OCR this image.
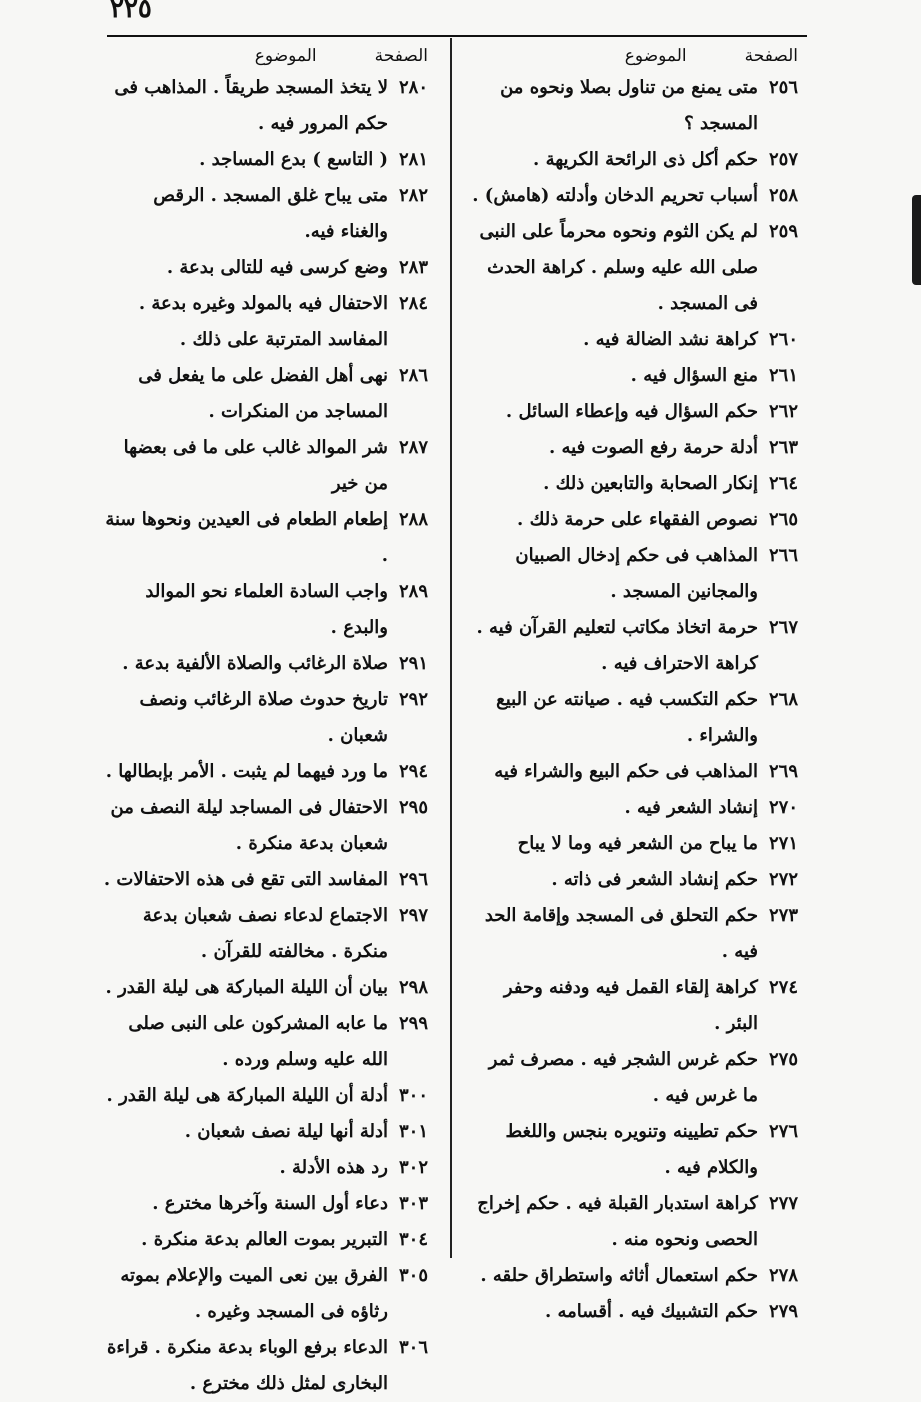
٢٢٥
الصفحة
الموضوع
٢٥٦
متى يمنع من تناول بصلا ونحوه من المسجد ؟
٢٥٧
حكم أكل ذى الرائحة الكريهة .
٢٥٨
أسباب تحريم الدخان وأدلته (هامش) .
٢٥٩
لم يكن الثوم ونحوه محرماً على النبى صلى الله عليه وسلم . كراهة الحدث فى المسجد .
٢٦٠
كراهة نشد الضالة فيه .
٢٦١
منع السؤال فيه .
٢٦٢
حكم السؤال فيه وإعطاء السائل .
٢٦٣
أدلة حرمة رفع الصوت فيه .
٢٦٤
إنكار الصحابة والتابعين ذلك .
٢٦٥
نصوص الفقهاء على حرمة ذلك .
٢٦٦
المذاهب فى حكم إدخال الصبيان والمجانين المسجد .
٢٦٧
حرمة اتخاذ مكاتب لتعليم القرآن فيه . كراهة الاحتراف فيه .
٢٦٨
حكم التكسب فيه . صيانته عن البيع والشراء .
٢٦٩
المذاهب فى حكم البيع والشراء فيه
٢٧٠
إنشاد الشعر فيه .
٢٧١
ما يباح من الشعر فيه وما لا يباح
٢٧٢
حكم إنشاد الشعر فى ذاته .
٢٧٣
حكم التحلق فى المسجد وإقامة الحد فيه .
٢٧٤
كراهة إلقاء القمل فيه ودفنه وحفر البئر .
٢٧٥
حكم غرس الشجر فيه . مصرف ثمر ما غرس فيه .
٢٧٦
حكم تطيينه وتنويره بنجس واللغط والكلام فيه .
٢٧٧
كراهة استدبار القبلة فيه . حكم إخراج الحصى ونحوه منه .
٢٧٨
حكم استعمال أثاثه واستطراق حلقه .
٢٧٩
حكم التشبيك فيه . أقسامه .
الصفحة
الموضوع
٢٨٠
لا يتخذ المسجد طريقاً . المذاهب فى حكم المرور فيه .
٢٨١
( التاسع ) بدع المساجد .
٢٨٢
متى يباح غلق المسجد . الرقص والغناء فيه.
٢٨٣
وضع كرسى فيه للتالى بدعة .
٢٨٤
الاحتفال فيه بالمولد وغيره بدعة . المفاسد المترتبة على ذلك .
٢٨٦
نهى أهل الفضل على ما يفعل فى المساجد من المنكرات .
٢٨٧
شر الموالد غالب على ما فى بعضها من خير
٢٨٨
إطعام الطعام فى العيدين ونحوها سنة .
٢٨٩
واجب السادة العلماء نحو الموالد والبدع .
٢٩١
صلاة الرغائب والصلاة الألفية بدعة .
٢٩٢
تاريخ حدوث صلاة الرغائب ونصف شعبان .
٢٩٤
ما ورد فيهما لم يثبت . الأمر بإبطالها .
٢٩٥
الاحتفال فى المساجد ليلة النصف من شعبان بدعة منكرة .
٢٩٦
المفاسد التى تقع فى هذه الاحتفالات .
٢٩٧
الاجتماع لدعاء نصف شعبان بدعة منكرة . مخالفته للقرآن .
٢٩٨
بيان أن الليلة المباركة هى ليلة القدر .
٢٩٩
ما عابه المشركون على النبى صلى الله عليه وسلم ورده .
٣٠٠
أدلة أن الليلة المباركة هى ليلة القدر .
٣٠١
أدلة أنها ليلة نصف شعبان .
٣٠٢
رد هذه الأدلة .
٣٠٣
دعاء أول السنة وآخرها مخترع .
٣٠٤
التبرير بموت العالم بدعة منكرة .
٣٠٥
الفرق بين نعى الميت والإعلام بموته رثاؤه فى المسجد وغيره .
٣٠٦
الدعاء برفع الوباء بدعة منكرة . قراءة البخارى لمثل ذلك مخترع .
